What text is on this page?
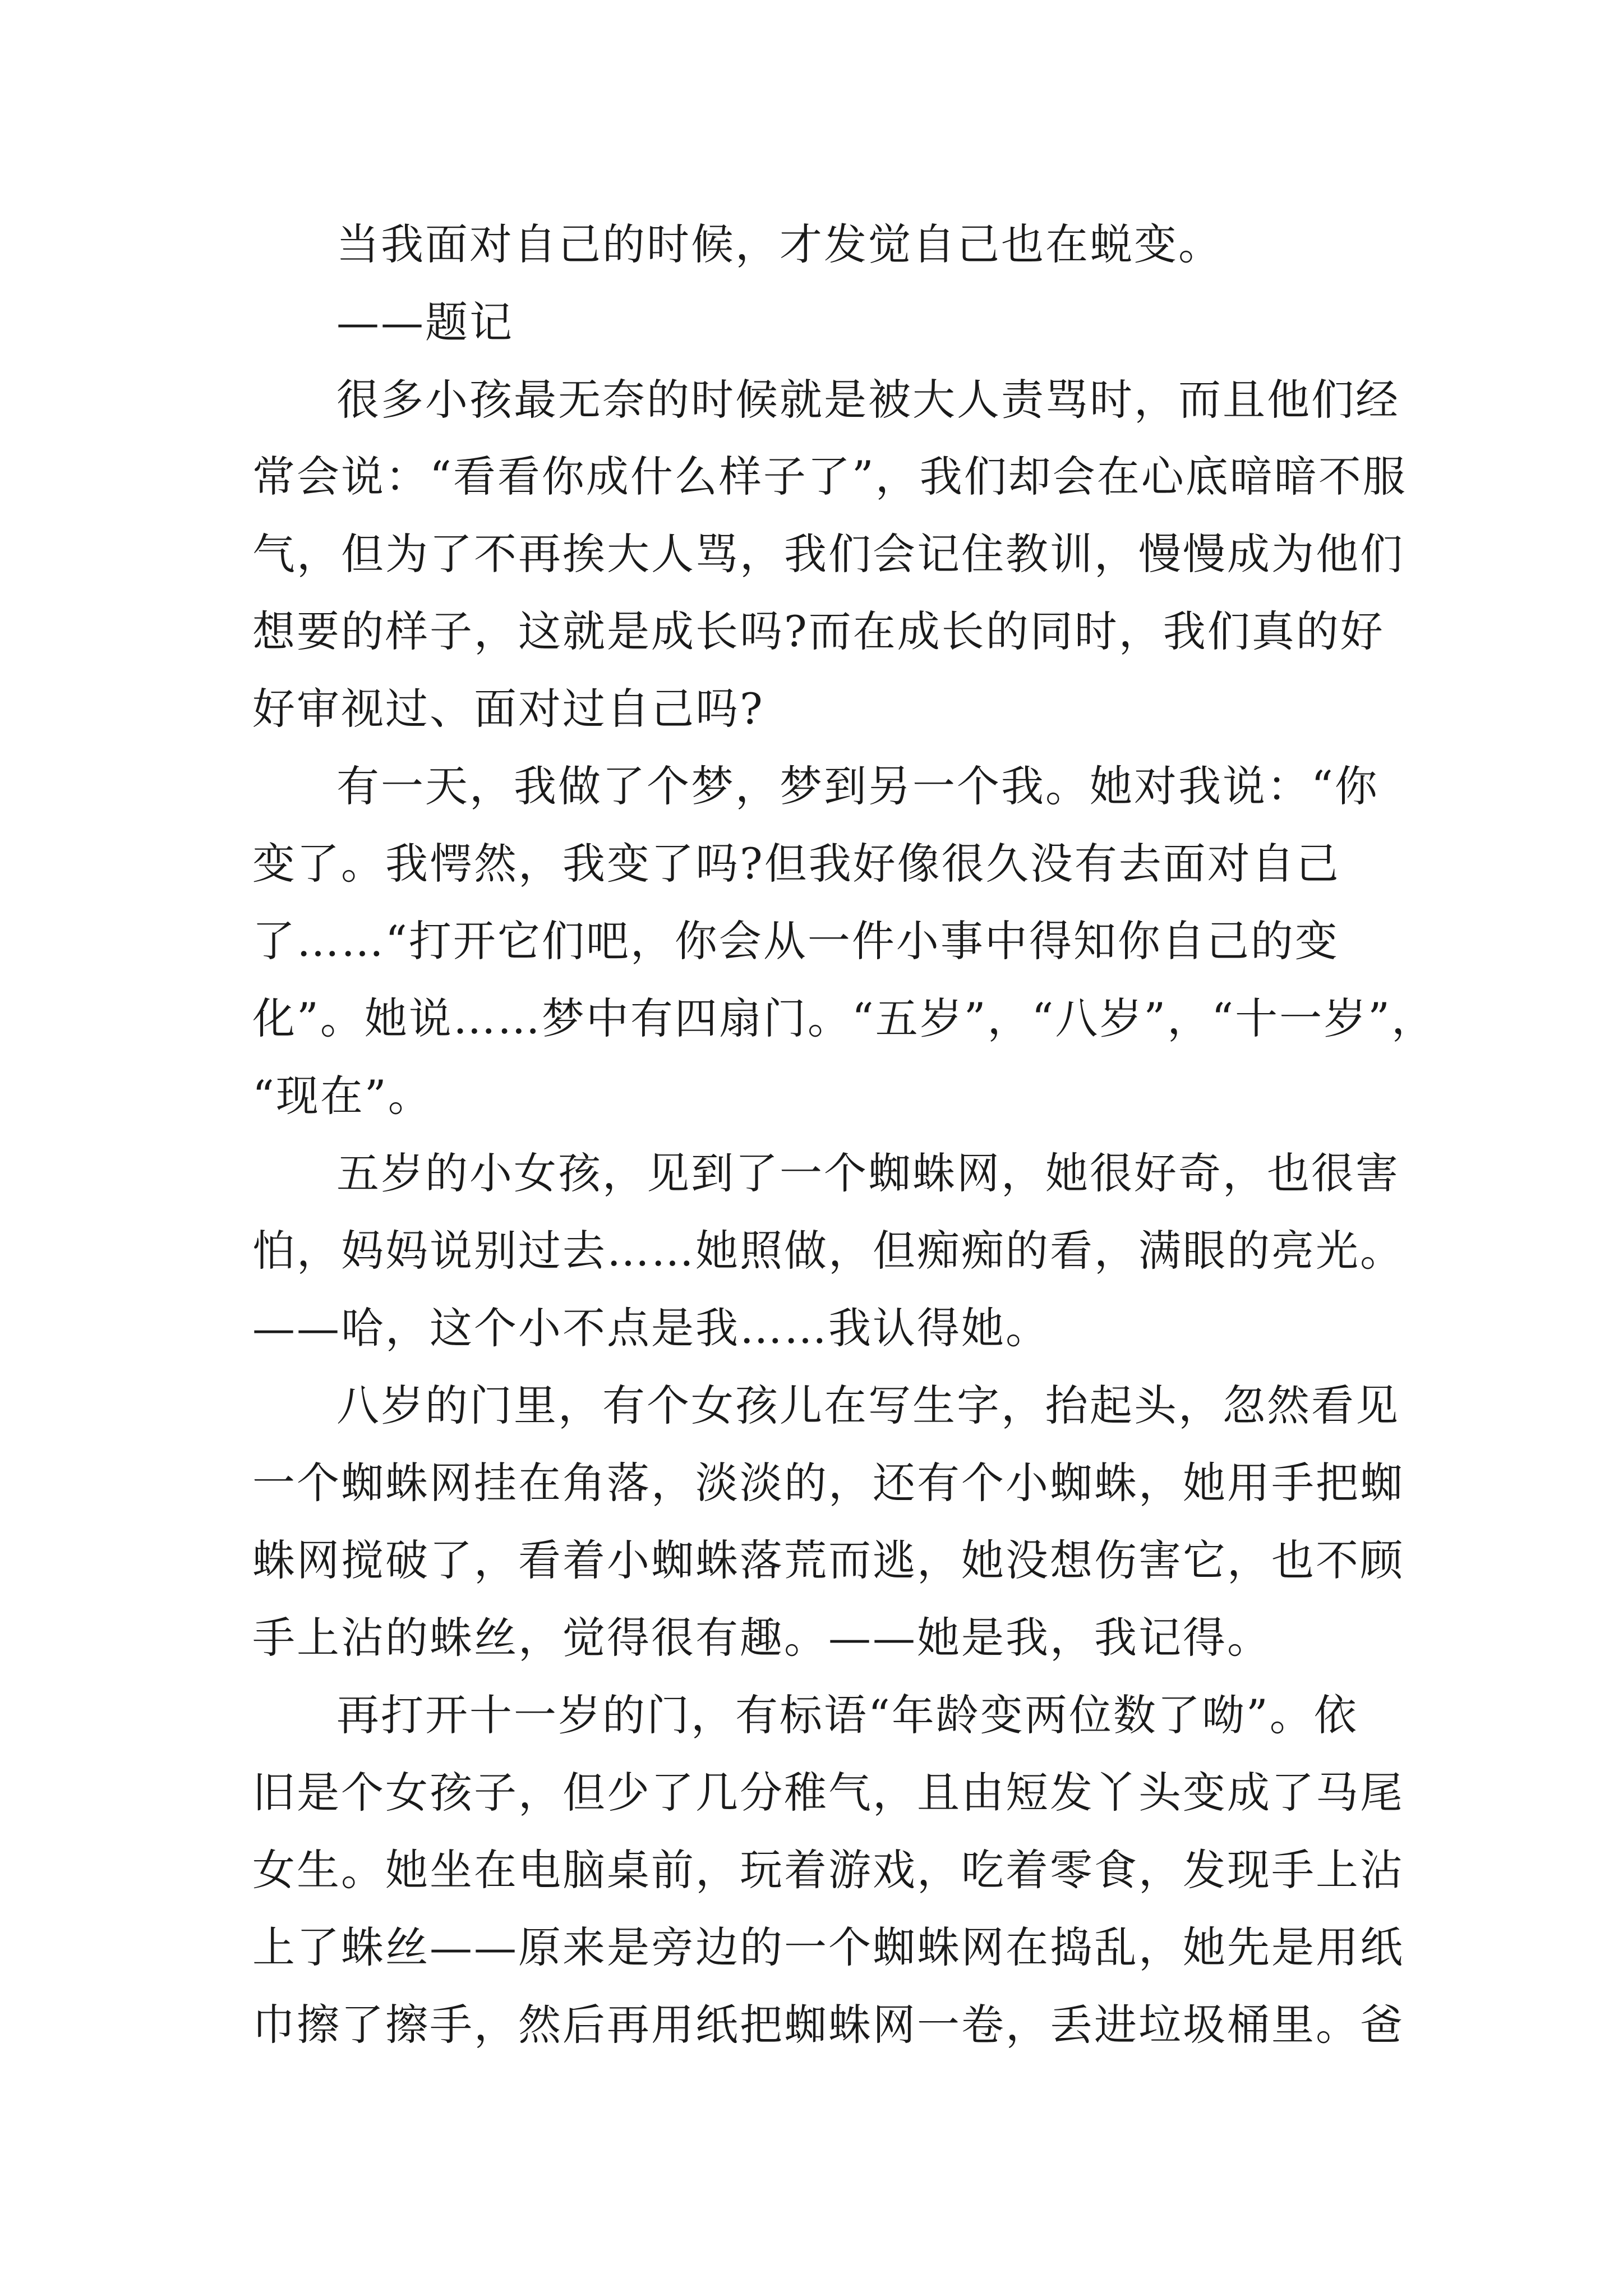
当我面对自己的时候，才发觉自己也在蜕变。

——题记

很多小孩最无奈的时候就是被大人责骂时，而且他们经

常会说：“看看你成什么样子了”，我们却会在心底暗暗不服

气，但为了不再挨大人骂，我们会记住教训，慢慢成为他们

想要的样子，这就是成长吗?而在成长的同时，我们真的好

好审视过、面对过自己吗?

有一天，我做了个梦，梦到另一个我。她对我说：“你

变了。我愕然，我变了吗?但我好像很久没有去面对自己

了……“打开它们吧，你会从一件小事中得知你自己的变

化”。她说……梦中有四扇门。“五岁”，“八岁”，“十一岁”，

“现在”。

五岁的小女孩，见到了一个蜘蛛网，她很好奇，也很害

怕，妈妈说别过去……她照做，但痴痴的看，满眼的亮光。

——哈，这个小不点是我……我认得她。

八岁的门里，有个女孩儿在写生字，抬起头，忽然看见

一个蜘蛛网挂在角落，淡淡的，还有个小蜘蛛，她用手把蜘

蛛网搅破了，看着小蜘蛛落荒而逃，她没想伤害它，也不顾

手上沾的蛛丝，觉得很有趣。——她是我，我记得。

再打开十一岁的门，有标语“年龄变两位数了呦”。依

旧是个女孩子，但少了几分稚气，且由短发丫头变成了马尾

女生。她坐在电脑桌前，玩着游戏，吃着零食，发现手上沾

上了蛛丝——原来是旁边的一个蜘蛛网在捣乱，她先是用纸

巾擦了擦手，然后再用纸把蜘蛛网一卷，丢进垃圾桶里。爸
